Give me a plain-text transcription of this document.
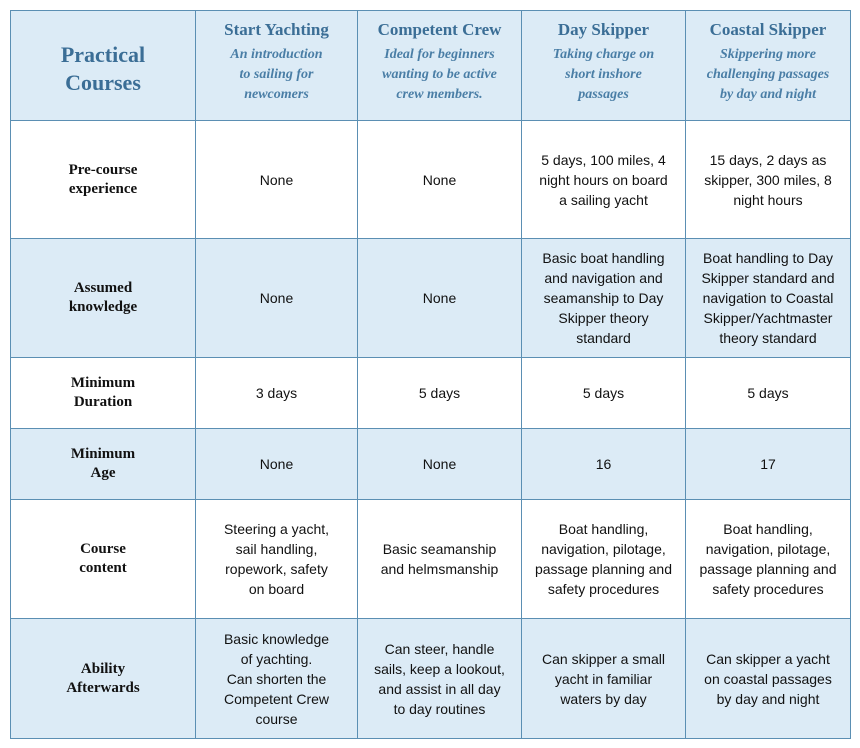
Practical
Courses	Start Yachting
An introduction
to sailing for
newcomers	Competent Crew
Ideal for beginners
wanting to be active
crew members.	Day Skipper
Taking charge on
short inshore
passages	Coastal Skipper
Skippering more
challenging passages
by day and night

Pre-course
experience	None	None	5 days, 100 miles, 4
night hours on board
a sailing yacht	15 days, 2 days as
skipper, 300 miles, 8
night hours

Assumed
knowledge	None	None	Basic boat handling
and navigation and
seamanship to Day
Skipper theory
standard	Boat handling to Day
Skipper standard and
navigation to Coastal
Skipper/Yachtmaster
theory standard

Minimum
Duration	3 days	5 days	5 days	5 days

Minimum
Age	None	None	16	17

Course
content	Steering a yacht,
sail handling,
ropework, safety
on board	Basic seamanship
and helmsmanship	Boat handling,
navigation, pilotage,
passage planning and
safety procedures	Boat handling,
navigation, pilotage,
passage planning and
safety procedures

Ability
Afterwards	Basic knowledge
of yachting.
Can shorten the
Competent Crew
course	Can steer, handle
sails, keep a lookout,
and assist in all day
to day routines	Can skipper a small
yacht in familiar
waters by day	Can skipper a yacht
on coastal passages
by day and night
